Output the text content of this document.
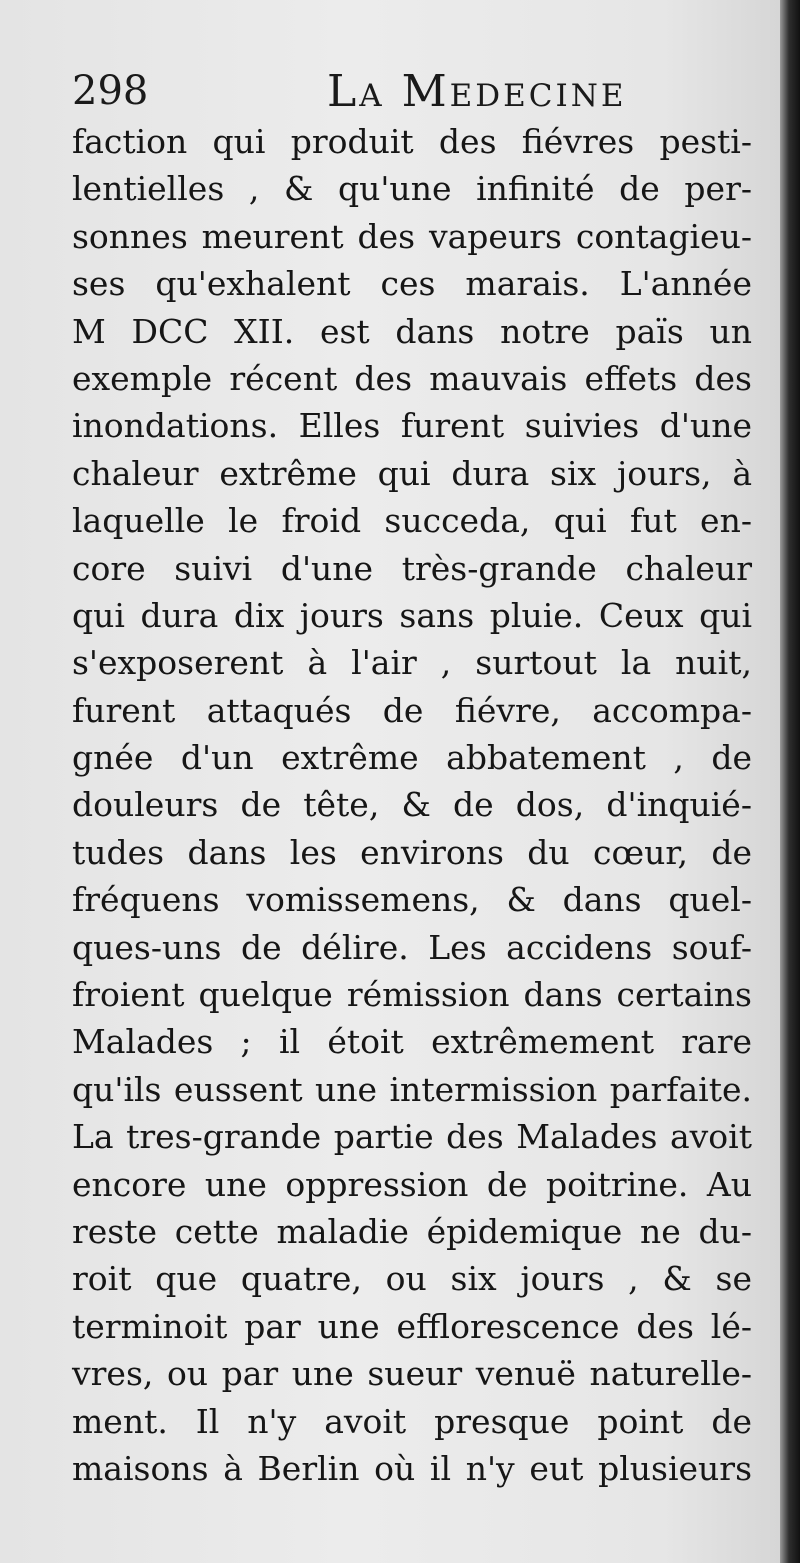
298	La Medecine
faction qui produit des fiévres pesti-
lentielles , & qu'une infinité de per-
sonnes meurent des vapeurs contagieu-
ses qu'exhalent ces marais. L'année
M DCC XII. est dans notre païs un
exemple récent des mauvais effets des
inondations. Elles furent suivies d'une
chaleur extrême qui dura six jours, à
laquelle le froid succeda, qui fut en-
core suivi d'une très-grande chaleur
qui dura dix jours sans pluie. Ceux qui
s'exposerent à l'air , surtout la nuit,
furent attaqués de fiévre, accompa-
gnée d'un extrême abbatement , de
douleurs de tête, & de dos, d'inquié-
tudes dans les environs du cœur, de
fréquens vomissemens, & dans quel-
ques-uns de délire. Les accidens souf-
froient quelque rémission dans certains
Malades ; il étoit extrêmement rare
qu'ils eussent une intermission parfaite.
La tres-grande partie des Malades avoit
encore une oppression de poitrine. Au
reste cette maladie épidemique ne du-
roit que quatre, ou six jours , & se
terminoit par une efflorescence des lé-
vres, ou par une sueur venuë naturelle-
ment. Il n'y avoit presque point de
maisons à Berlin où il n'y eut plusieurs
